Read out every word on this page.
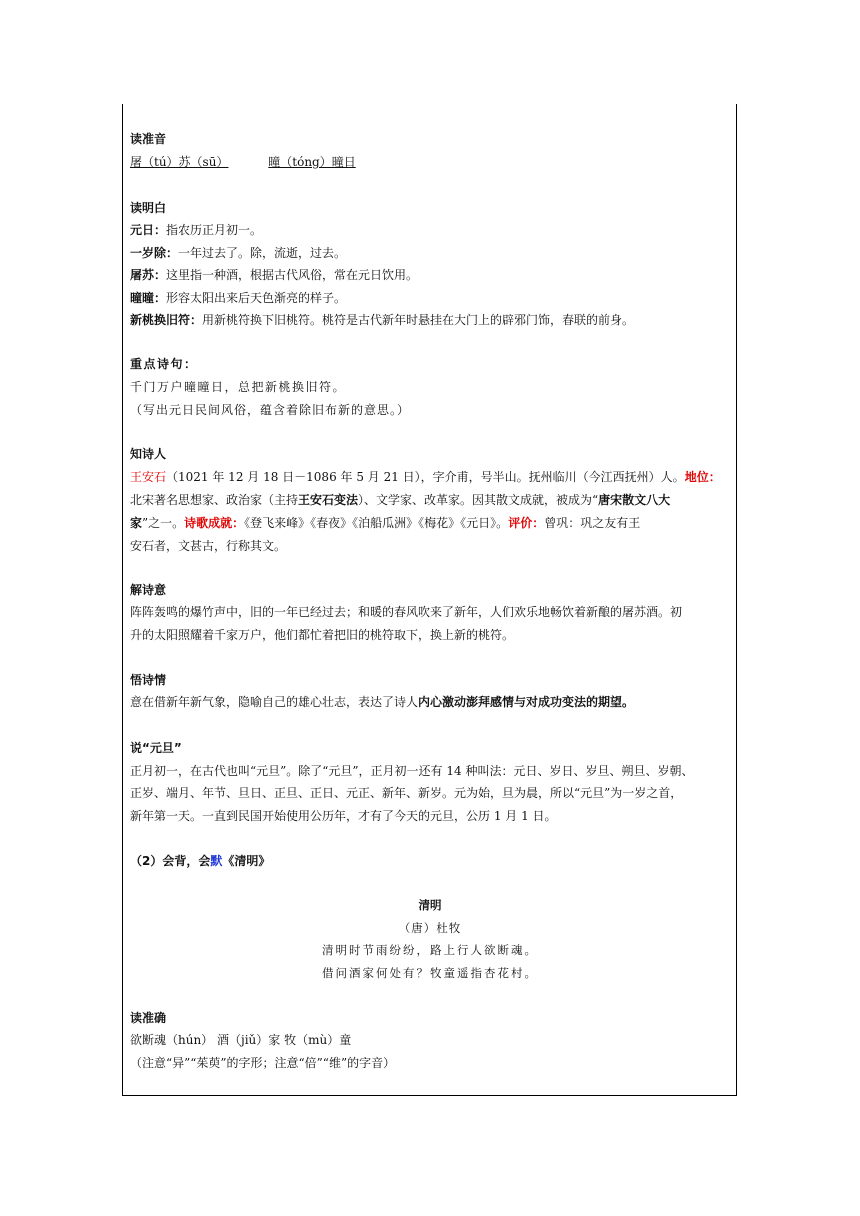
读准音
屠（tú）苏（sū）	曈（tóng）曈日
读明白
元日：指农历正月初一。
一岁除：一年过去了。除，流逝，过去。
屠苏：这里指一种酒，根据古代风俗，常在元日饮用。
曈曈：形容太阳出来后天色渐亮的样子。
新桃换旧符：用新桃符换下旧桃符。桃符是古代新年时悬挂在大门上的辟邪门饰，春联的前身。
重点诗句：
千门万户曈曈日，总把新桃换旧符。
（写出元日民间风俗，蕴含着除旧布新的意思。）
知诗人
王安石（1021 年 12 月 18 日－1086 年 5 月 21 日），字介甫，号半山。抚州临川（今江西抚州）人。地位：
北宋著名思想家、政治家（主持王安石变法）、文学家、改革家。因其散文成就，被成为“唐宋散文八大
家”之一。诗歌成就：《登飞来峰》《春夜》《泊船瓜洲》《梅花》《元日》。评价：曾巩：巩之友有王
安石者，文甚古，行称其文。
解诗意
阵阵轰鸣的爆竹声中，旧的一年已经过去；和暖的春风吹来了新年，人们欢乐地畅饮着新酿的屠苏酒。初
升的太阳照耀着千家万户，他们都忙着把旧的桃符取下，换上新的桃符。
悟诗情
意在借新年新气象，隐喻自己的雄心壮志，表达了诗人内心激动澎拜感情与对成功变法的期望。
说“元旦”
正月初一，在古代也叫“元旦”。除了“元旦”，正月初一还有 14 种叫法：元日、岁日、岁旦、朔旦、岁朝、
正岁、端月、年节、旦日、正旦、正日、元正、新年、新岁。元为始，旦为晨，所以“元旦”为一岁之首，
新年第一天。一直到民国开始使用公历年，才有了今天的元旦，公历 1 月 1 日。
（2）会背，会默《清明》
清明
（唐）杜牧
清明时节雨纷纷，路上行人欲断魂。
借问酒家何处有？牧童遥指杏花村。
读准确
欲断魂（hún） 酒（jiǔ）家 牧（mù）童
（注意“异”“茱萸”的字形；注意“倍”“维”的字音）
